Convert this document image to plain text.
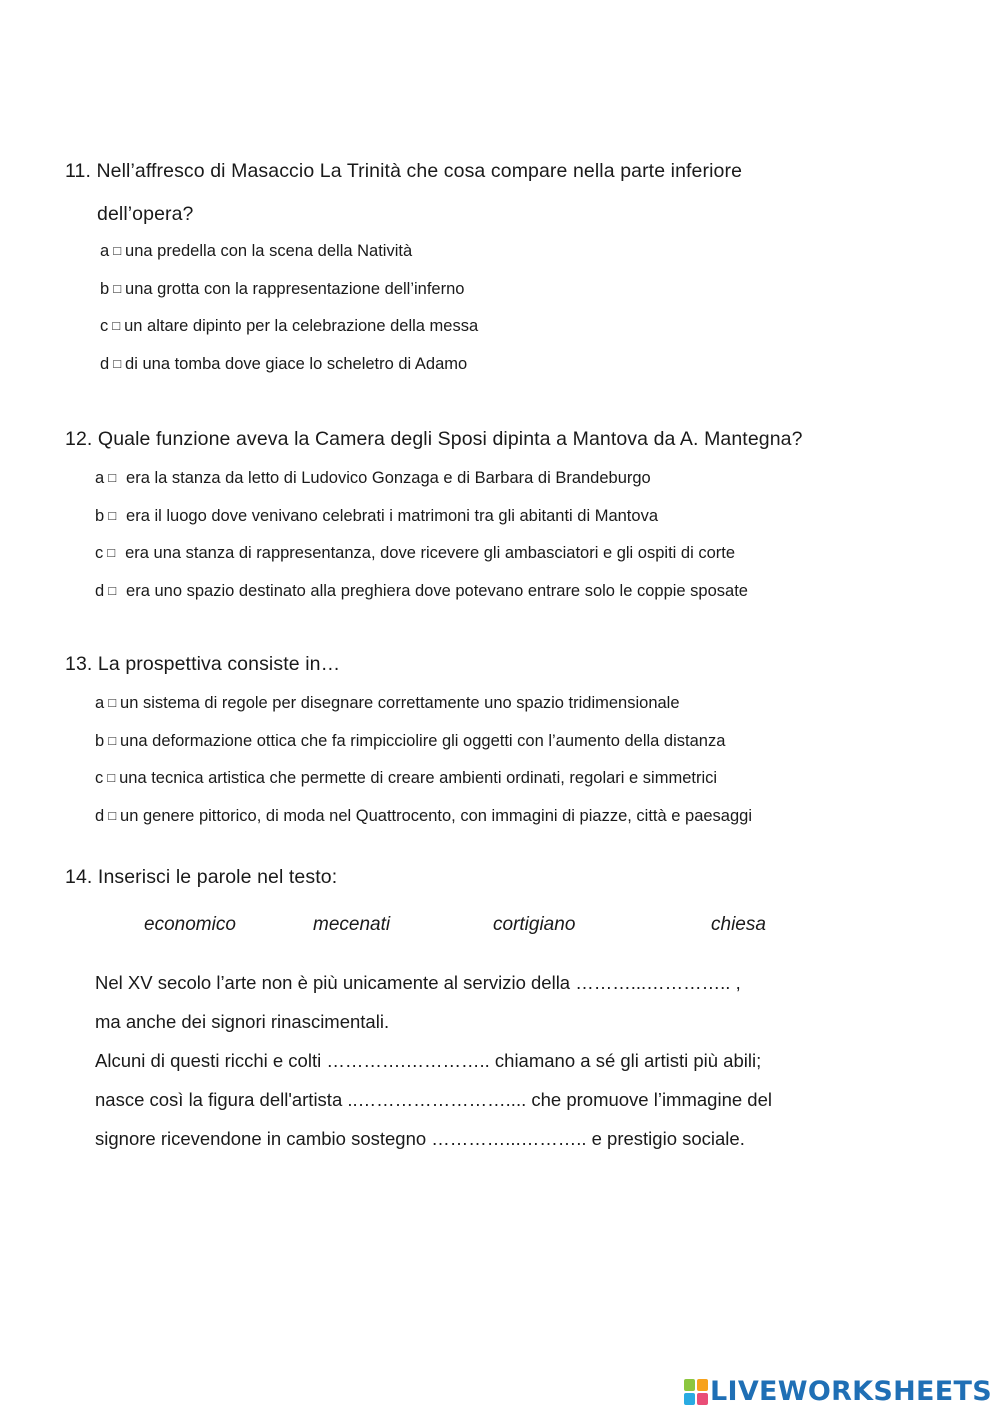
11. Nell’affresco di Masaccio La Trinità che cosa compare nella parte inferiore
dell’opera?
a □ una predella con la scena della Natività
b □ una grotta con la rappresentazione dell’inferno
c □ un altare dipinto per la celebrazione della messa
d □ di una tomba dove giace lo scheletro di Adamo
12. Quale funzione aveva la Camera degli Sposi dipinta a Mantova da A. Mantegna?
a □ era la stanza da letto di Ludovico Gonzaga e di Barbara di Brandeburgo
b □ era il luogo dove venivano celebrati i matrimoni tra gli abitanti di Mantova
c □ era una stanza di rappresentanza, dove ricevere gli ambasciatori e gli ospiti di corte
d □ era uno spazio destinato alla preghiera dove potevano entrare solo le coppie sposate
13. La prospettiva consiste in…
a □ un sistema di regole per disegnare correttamente uno spazio tridimensionale
b □ una deformazione ottica che fa rimpicciolire gli oggetti con l’aumento della distanza
c □ una tecnica artistica che permette di creare ambienti ordinati, regolari e simmetrici
d □ un genere pittorico, di moda nel Quattrocento, con immagini di piazze, città e paesaggi
14. Inserisci le parole nel testo:
economico	mecenati	cortigiano	chiesa

Nel XV secolo l’arte non è più unicamente al servizio della ………...………….. ,

ma anche dei signori rinascimentali.

Alcuni di questi ricchi e colti ………….………….. chiamano a sé gli artisti più abili;

nasce così la figura dell'artista ..…………………….... che promuove l’immagine del

signore ricevendone in cambio sostegno …………...……….. e prestigio sociale.

LIVEWORKSHEETS
